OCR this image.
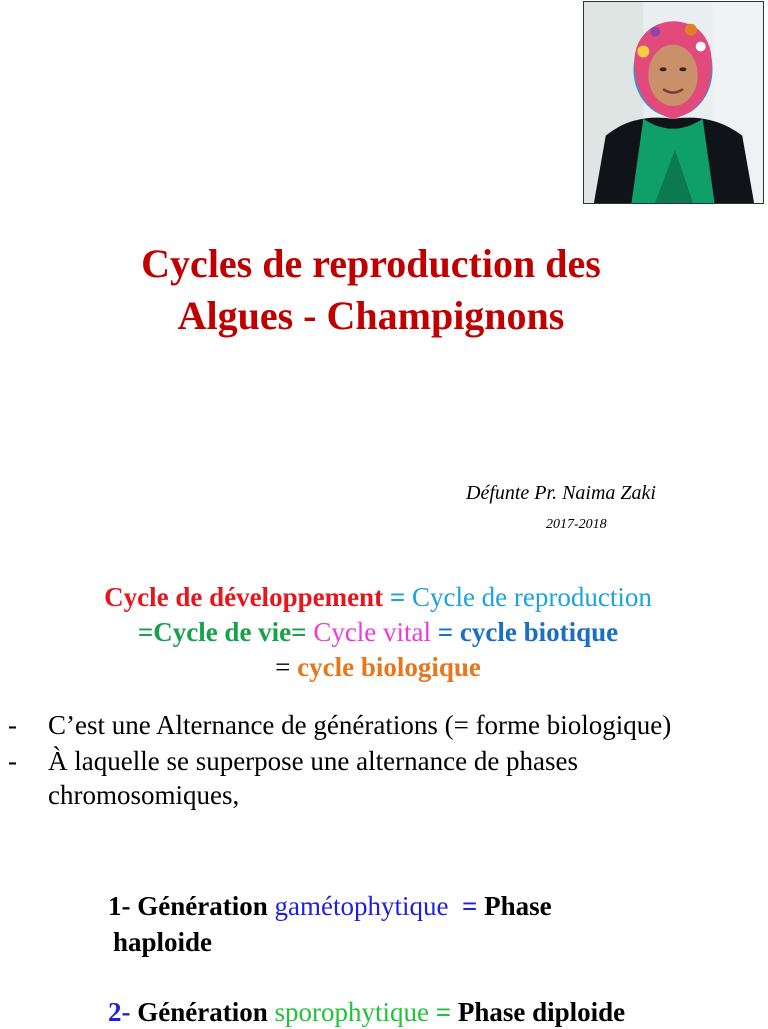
Cycles de reproduction des
Algues - Champignons
Défunte Pr. Naima Zaki
2017-2018
Cycle de développement = Cycle de reproduction
=Cycle de vie= Cycle vital = cycle biotique
= cycle biologique
- C’est une Alternance de générations (= forme biologique)
- À laquelle se superpose une alternance de phases chromosomiques,
1- Génération gamétophytique  = Phase
haploide
2- Génération sporophytique = Phase diploide
